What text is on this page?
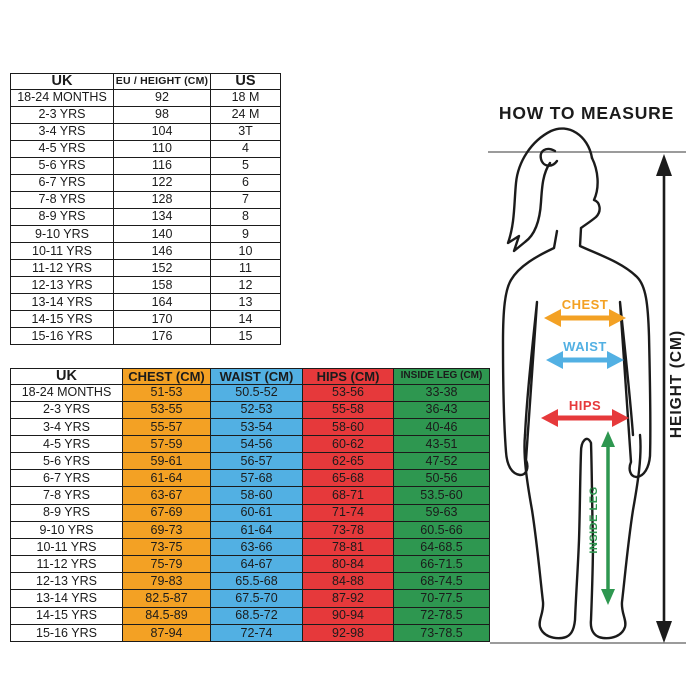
UK	EU / HEIGHT (CM)	US
18-24 MONTHS	92	18 M
2-3 YRS	98	24 M
3-4 YRS	104	3T
4-5 YRS	110	4
5-6 YRS	116	5
6-7 YRS	122	6
7-8 YRS	128	7
8-9 YRS	134	8
9-10 YRS	140	9
10-11 YRS	146	10
11-12 YRS	152	11
12-13 YRS	158	12
13-14 YRS	164	13
14-15 YRS	170	14
15-16 YRS	176	15
UK	CHEST (CM)	WAIST (CM)	HIPS (CM)	INSIDE LEG (CM)
18-24 MONTHS	51-53	50.5-52	53-56	33-38
2-3 YRS	53-55	52-53	55-58	36-43
3-4 YRS	55-57	53-54	58-60	40-46
4-5 YRS	57-59	54-56	60-62	43-51
5-6 YRS	59-61	56-57	62-65	47-52
6-7 YRS	61-64	57-68	65-68	50-56
7-8 YRS	63-67	58-60	68-71	53.5-60
8-9 YRS	67-69	60-61	71-74	59-63
9-10 YRS	69-73	61-64	73-78	60.5-66
10-11 YRS	73-75	63-66	78-81	64-68.5
11-12 YRS	75-79	64-67	80-84	66-71.5
12-13 YRS	79-83	65.5-68	84-88	68-74.5
13-14 YRS	82.5-87	67.5-70	87-92	70-77.5
14-15 YRS	84.5-89	68.5-72	90-94	72-78.5
15-16 YRS	87-94	72-74	92-98	73-78.5
HOW TO MEASURE
CHEST
WAIST
HIPS
INSIDE LEG
HEIGHT (CM)
